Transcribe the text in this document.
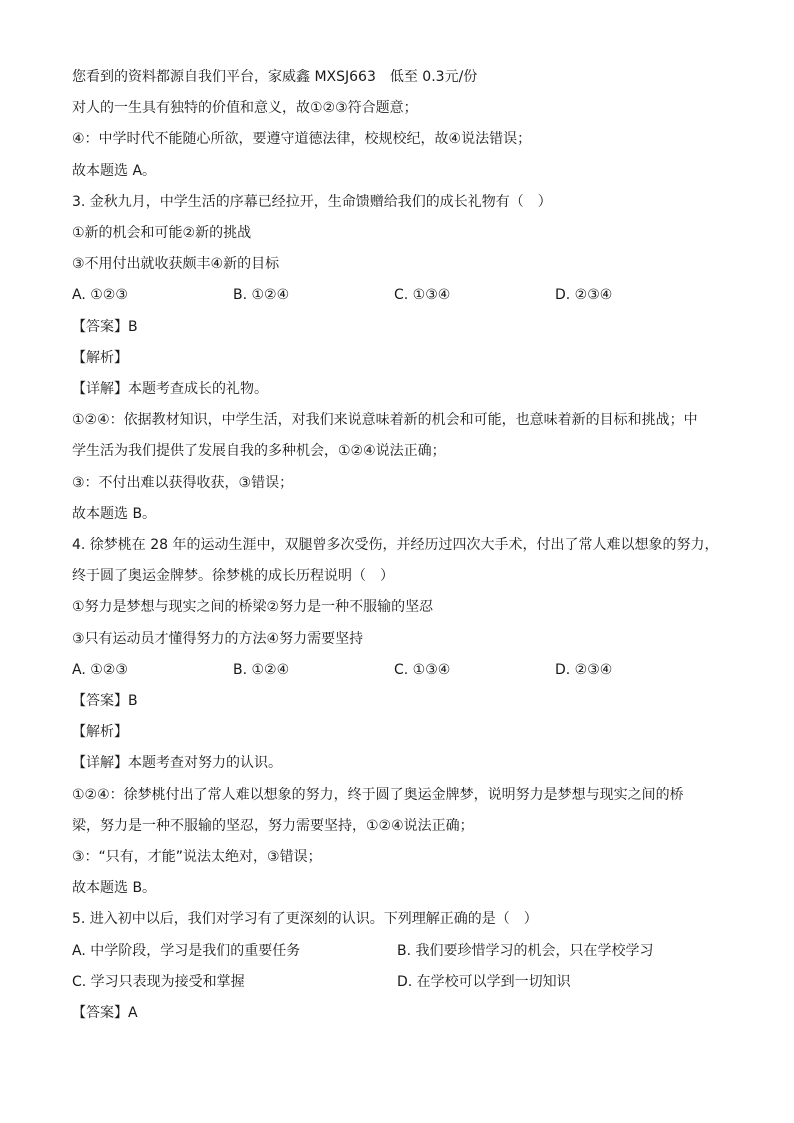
您看到的资料都源自我们平台，家威鑫 MXSJ663　低至 0.3元/份

对人的一生具有独特的价值和意义，故①②③符合题意；

④：中学时代不能随心所欲，要遵守道德法律，校规校纪，故④说法错误；

故本题选 A。

3. 金秋九月，中学生活的序幕已经拉开，生命馈赠给我们的成长礼物有（　）

①新的机会和可能②新的挑战

③不用付出就收获颇丰④新的目标

A. ①②③	B. ①②④	C. ①③④	D. ②③④

【答案】B

【解析】

【详解】本题考查成长的礼物。

①②④：依据教材知识，中学生活，对我们来说意味着新的机会和可能，也意味着新的目标和挑战；中

学生活为我们提供了发展自我的多种机会，①②④说法正确；

③：不付出难以获得收获，③错误；

故本题选 B。

4. 徐梦桃在 28 年的运动生涯中，双腿曾多次受伤，并经历过四次大手术，付出了常人难以想象的努力，

终于圆了奥运金牌梦。徐梦桃的成长历程说明（　）

①努力是梦想与现实之间的桥梁②努力是一种不服输的坚忍

③只有运动员才懂得努力的方法④努力需要坚持

A. ①②③	B. ①②④	C. ①③④	D. ②③④

【答案】B

【解析】

【详解】本题考查对努力的认识。

①②④：徐梦桃付出了常人难以想象的努力，终于圆了奥运金牌梦，说明努力是梦想与现实之间的桥

梁，努力是一种不服输的坚忍，努力需要坚持，①②④说法正确；

③：“只有，才能”说法太绝对，③错误；

故本题选 B。

5. 进入初中以后，我们对学习有了更深刻的认识。下列理解正确的是（　）

A. 中学阶段，学习是我们的重要任务	B. 我们要珍惜学习的机会，只在学校学习
C. 学习只表现为接受和掌握	D. 在学校可以学到一切知识

【答案】A
